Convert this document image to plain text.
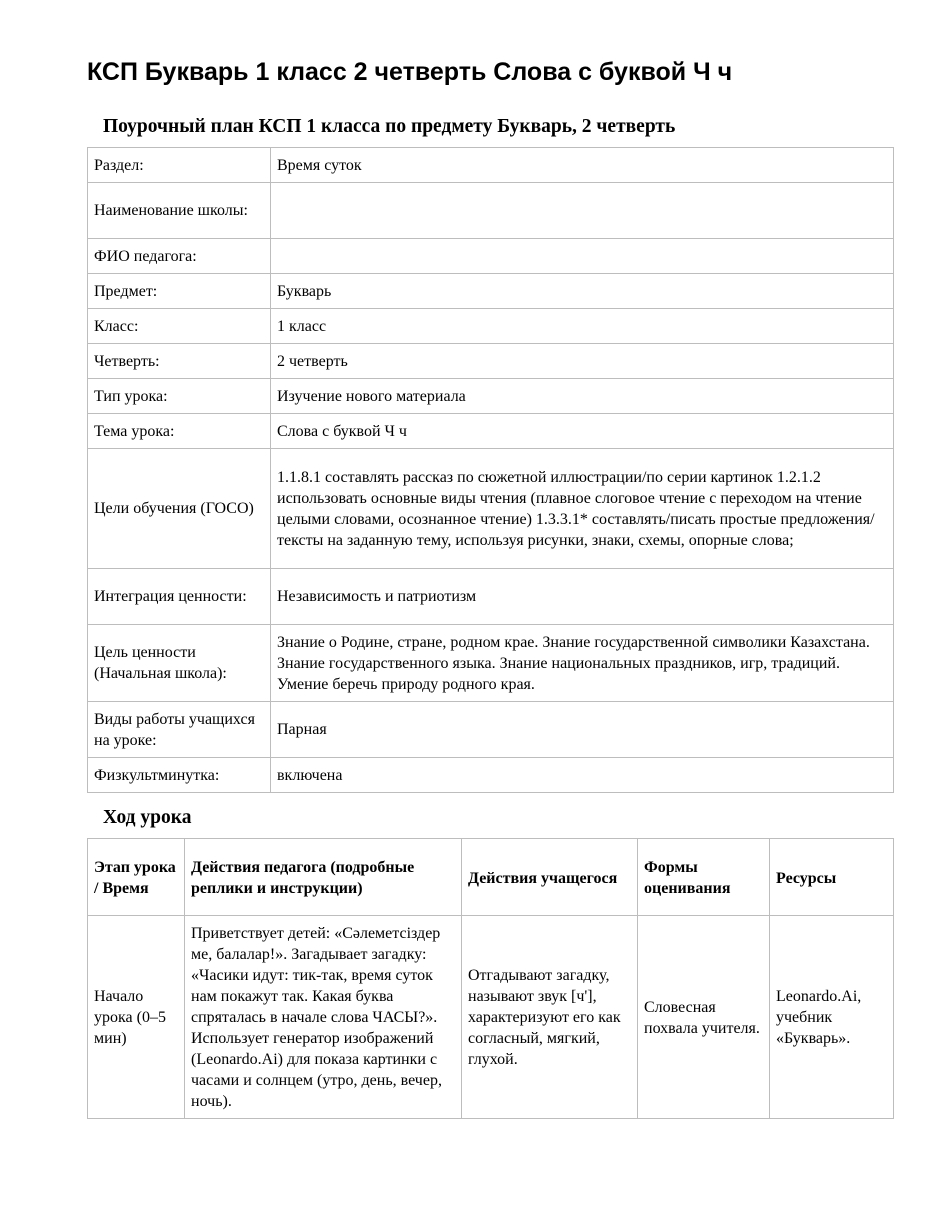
КСП Букварь 1 класс 2 четверть Слова с буквой Ч ч
Поурочный план КСП 1 класса по предмету Букварь, 2 четверть
Раздел:	Время суток
Наименование школы:	
ФИО педагога:	
Предмет:	Букварь
Класс:	1 класс
Четверть:	2 четверть
Тип урока:	Изучение нового материала
Тема урока:	Слова с буквой Ч ч
Цели обучения (ГОСО)	1.1.8.1 составлять рассказ по сюжетной иллюстрации/по серии картинок 1.2.1.2 использовать основные виды чтения (плавное слоговое чтение с переходом на чтение целыми словами, осознанное чтение) 1.3.3.1* составлять/писать простые предложения/тексты на заданную тему, используя рисунки, знаки, схемы, опорные слова;
Интеграция ценности:	Независимость и патриотизм
Цель ценности (Начальная школа):	Знание о Родине, стране, родном крае. Знание государственной символики Казахстана. Знание государственного языка. Знание национальных праздников, игр, традиций. Умение беречь природу родного края.
Виды работы учащихся на уроке:	Парная
Физкультминутка:	включена
Ход урока
Этап урока / Время	Действия педагога (подробные реплики и инструкции)	Действия учащегося	Формы оценивания	Ресурсы
Начало урока (0–5 мин)	Приветствует детей: «Сәлеметсіздер ме, балалар!». Загадывает загадку: «Часики идут: тик-так, время суток нам покажут так. Какая буква спряталась в начале слова ЧАСЫ?». Использует генератор изображений (Leonardo.Ai) для показа картинки с часами и солнцем (утро, день, вечер, ночь).	Отгадывают загадку, называют звук [ч'], характеризуют его как согласный, мягкий, глухой.	Словесная похвала учителя.	Leonardo.Ai, учебник «Букварь».
